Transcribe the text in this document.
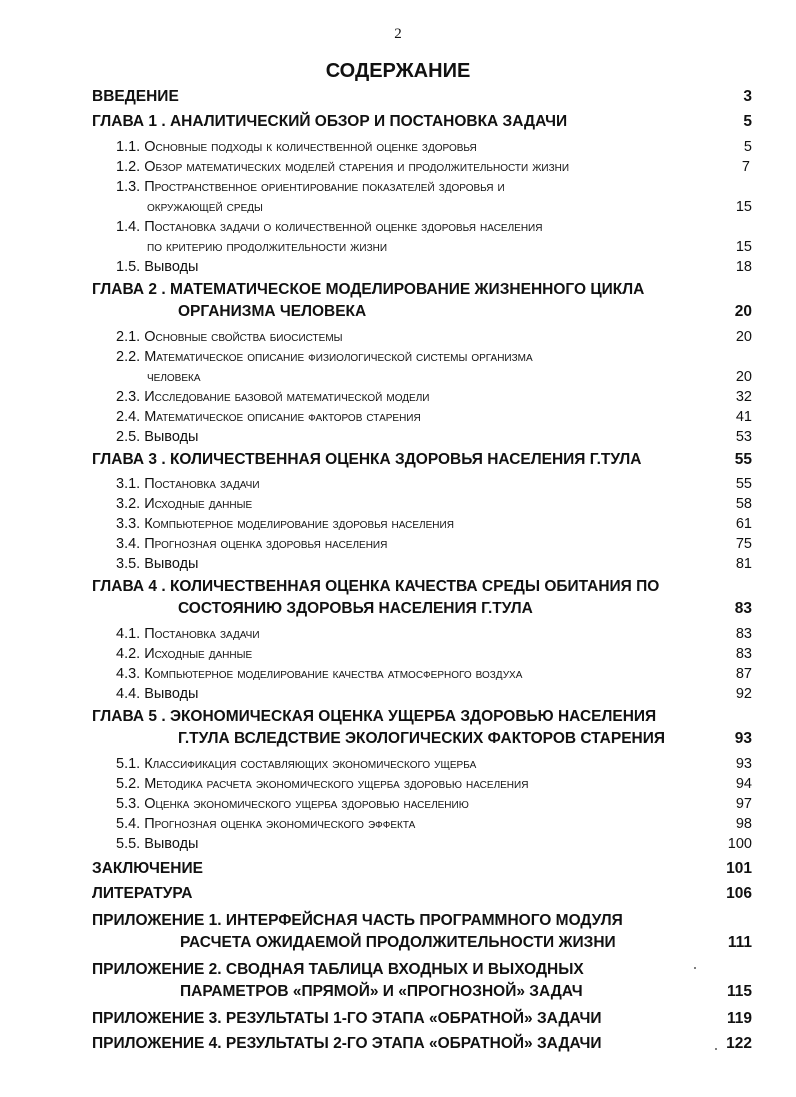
2
СОДЕРЖАНИЕ
ВВЕДЕНИЕ	3
ГЛАВА 1 . АНАЛИТИЧЕСКИЙ ОБЗОР И ПОСТАНОВКА ЗАДАЧИ	5
1.1. Основные подходы к количественной оценке здоровья	5
1.2. Обзор математических моделей старения и продолжительности жизни	7
1.3. Пространственное ориентирование показателей здоровья и
окружающей среды	15
1.4. Постановка задачи о количественной оценке здоровья населения
по критерию продолжительности жизни	15
1.5. Выводы	18
ГЛАВА 2 . МАТЕМАТИЧЕСКОЕ МОДЕЛИРОВАНИЕ ЖИЗНЕННОГО ЦИКЛА
ОРГАНИЗМА ЧЕЛОВЕКА	20
2.1. Основные свойства биосистемы	20
2.2. Математическое описание физиологической системы организма
человека	20
2.3. Исследование базовой математической модели	32
2.4. Математическое описание факторов старения	41
2.5. Выводы	53
ГЛАВА 3 . КОЛИЧЕСТВЕННАЯ ОЦЕНКА ЗДОРОВЬЯ НАСЕЛЕНИЯ Г.ТУЛА	55
3.1. Постановка задачи	55
3.2. Исходные данные	58
3.3. Компьютерное моделирование здоровья населения	61
3.4. Прогнозная оценка здоровья населения	75
3.5. Выводы	81
ГЛАВА 4 . КОЛИЧЕСТВЕННАЯ ОЦЕНКА КАЧЕСТВА СРЕДЫ ОБИТАНИЯ ПО
СОСТОЯНИЮ ЗДОРОВЬЯ НАСЕЛЕНИЯ Г.ТУЛА	83
4.1. Постановка задачи	83
4.2. Исходные данные	83
4.3. Компьютерное моделирование качества атмосферного воздуха	87
4.4. Выводы	92
ГЛАВА 5 . ЭКОНОМИЧЕСКАЯ ОЦЕНКА УЩЕРБА ЗДОРОВЬЮ НАСЕЛЕНИЯ
Г.ТУЛА ВСЛЕДСТВИЕ ЭКОЛОГИЧЕСКИХ ФАКТОРОВ СТАРЕНИЯ	93
5.1. Классификация составляющих экономического ущерба	93
5.2. Методика расчета экономического ущерба здоровью населения	94
5.3. Оценка экономического ущерба здоровью населению	97
5.4. Прогнозная оценка экономического эффекта	98
5.5. Выводы	100
ЗАКЛЮЧЕНИЕ	101
ЛИТЕРАТУРА	106
ПРИЛОЖЕНИЕ 1. ИНТЕРФЕЙСНАЯ ЧАСТЬ ПРОГРАММНОГО МОДУЛЯ
РАСЧЕТА ОЖИДАЕМОЙ ПРОДОЛЖИТЕЛЬНОСТИ ЖИЗНИ	111
ПРИЛОЖЕНИЕ 2. СВОДНАЯ ТАБЛИЦА ВХОДНЫХ И ВЫХОДНЫХ
ПАРАМЕТРОВ «ПРЯМОЙ» И «ПРОГНОЗНОЙ» ЗАДАЧ	115
ПРИЛОЖЕНИЕ 3. РЕЗУЛЬТАТЫ 1-ГО ЭТАПА «ОБРАТНОЙ» ЗАДАЧИ	119
ПРИЛОЖЕНИЕ 4. РЕЗУЛЬТАТЫ 2-ГО ЭТАПА «ОБРАТНОЙ» ЗАДАЧИ	122
